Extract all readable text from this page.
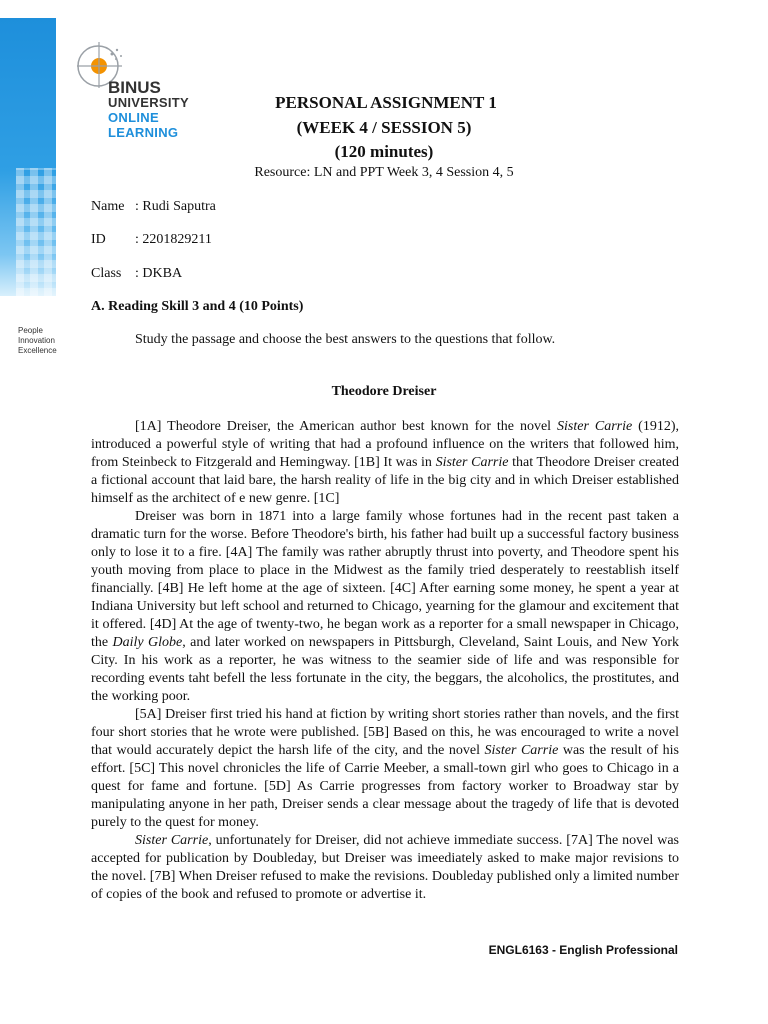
BINUS
UNIVERSITY
ONLINE
LEARNING
People
Innovation
Excellence
PERSONAL ASSIGNMENT 1
(WEEK 4 / SESSION 5)
(120 minutes)
Resource: LN and PPT Week 3, 4 Session 4, 5
Name : Rudi Saputra
ID : 2201829211
Class : DKBA
A. Reading Skill 3 and 4 (10 Points)
Study the passage and choose the best answers to the questions that follow.
Theodore Dreiser

[1A] Theodore Dreiser, the American author best known for the novel Sister Carrie (1912), introduced a powerful style of writing that had a profound influence on the writers that followed him, from Steinbeck to Fitzgerald and Hemingway. [1B] It was in Sister Carrie that Theodore Dreiser created a fictional account that laid bare, the harsh reality of life in the big city and in which Dreiser established himself as the architect of e new genre. [1C]

Dreiser was born in 1871 into a large family whose fortunes had in the recent past taken a dramatic turn for the worse. Before Theodore's birth, his father had built up a successful factory business only to lose it to a fire. [4A] The family was rather abruptly thrust into poverty, and Theodore spent his youth moving from place to place in the Midwest as the family tried desperately to reestablish itself financially. [4B] He left home at the age of sixteen. [4C] After earning some money, he spent a year at Indiana University but left school and returned to Chicago, yearning for the glamour and excitement that it offered. [4D] At the age of twenty-two, he began work as a reporter for a small newspaper in Chicago, the Daily Globe, and later worked on newspapers in Pittsburgh, Cleveland, Saint Louis, and New York City. In his work as a reporter, he was witness to the seamier side of life and was responsible for recording events taht befell the less fortunate in the city, the beggars, the alcoholics, the prostitutes, and the working poor.

[5A] Dreiser first tried his hand at fiction by writing short stories rather than novels, and the first four short stories that he wrote were published. [5B] Based on this, he was encouraged to write a novel that would accurately depict the harsh life of the city, and the novel Sister Carrie was the result of his effort. [5C] This novel chronicles the life of Carrie Meeber, a small-town girl who goes to Chicago in a quest for fame and fortune. [5D] As Carrie progresses from factory worker to Broadway star by manipulating anyone in her path, Dreiser sends a clear message about the tragedy of life that is devoted purely to the quest for money.

Sister Carrie, unfortunately for Dreiser, did not achieve immediate success. [7A] The novel was accepted for publication by Doubleday, but Dreiser was imeediately asked to make major revisions to the novel. [7B] When Dreiser refused to make the revisions. Doubleday published only a limited number of copies of the book and refused to promote or advertise it.

ENGL6163 - English Professional
